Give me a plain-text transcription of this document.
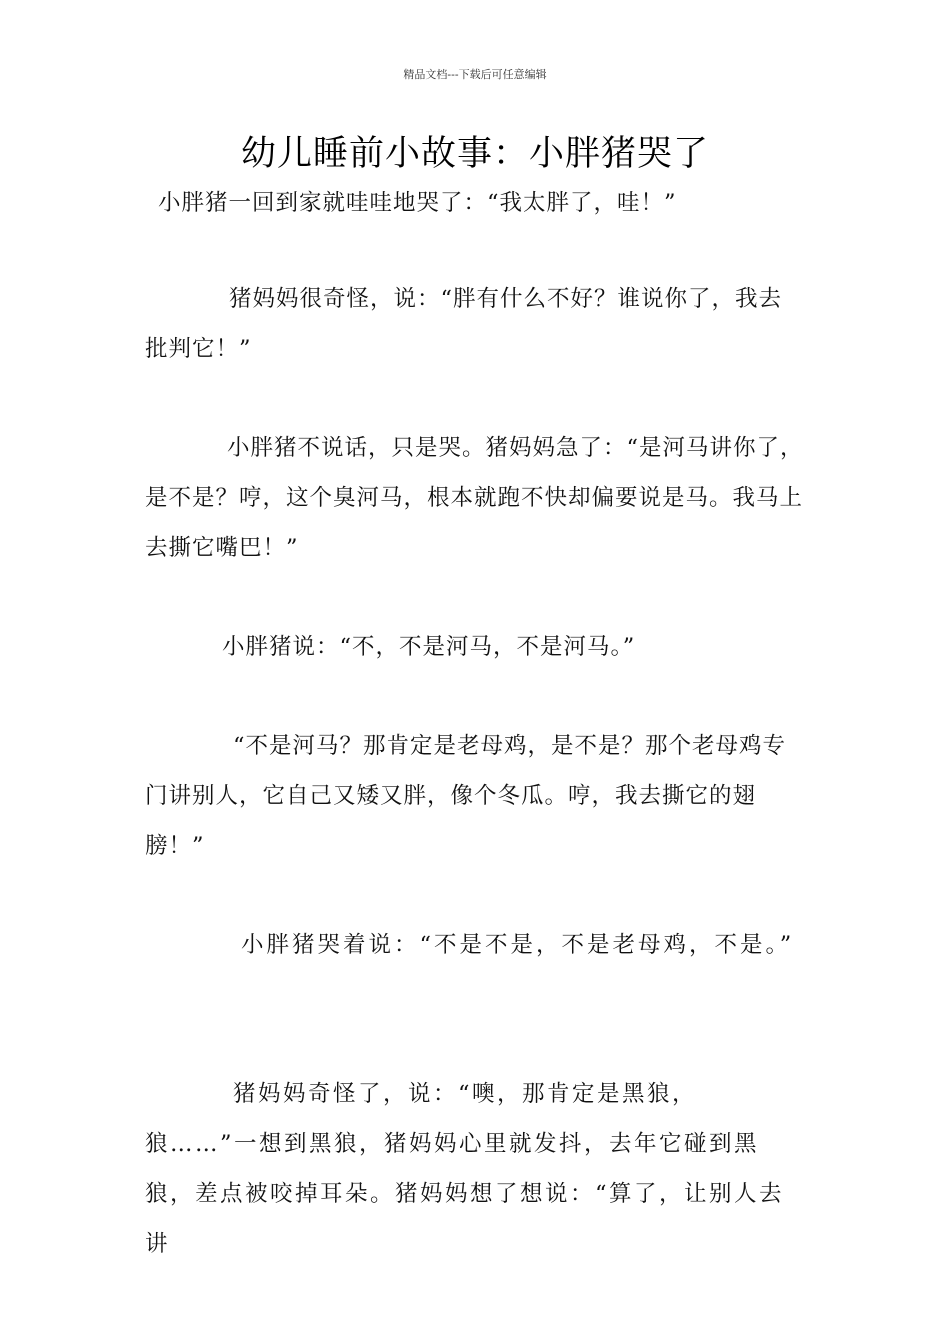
精品文档---下载后可任意编辑
幼儿睡前小故事：小胖猪哭了

小胖猪一回到家就哇哇地哭了：“我太胖了，哇！”

猪妈妈很奇怪，说：“胖有什么不好？谁说你了，我去批判它！”

小胖猪不说话，只是哭。猪妈妈急了：“是河马讲你了，是不是？哼，这个臭河马，根本就跑不快却偏要说是马。我马上去撕它嘴巴！”

小胖猪说：“不，不是河马，不是河马。”

“不是河马？那肯定是老母鸡，是不是？那个老母鸡专门讲别人，它自己又矮又胖，像个冬瓜。哼，我去撕它的翅膀！”

小胖猪哭着说：“不是不是，不是老母鸡，不是。”

猪妈妈奇怪了，说：“噢，那肯定是黑狼，狼……”一想到黑狼，猪妈妈心里就发抖，去年它碰到黑狼，差点被咬掉耳朵。猪妈妈想了想说：“算了，让别人去讲
